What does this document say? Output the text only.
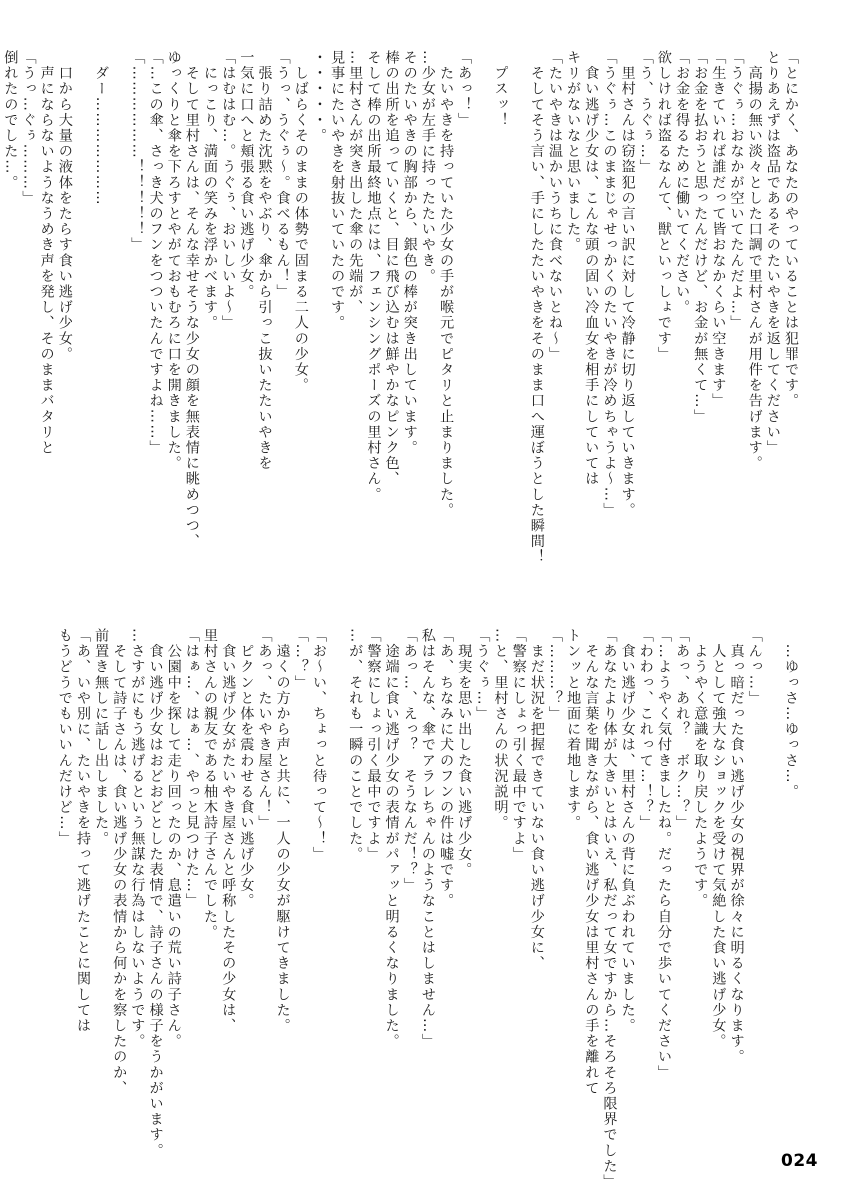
「とにかく、あなたのやっていることは犯罪です。
とりあえずは盗品であるそのたいやきを返してください」
　高揚の無い淡々とした口調で里村さんが用件を告げます。
「うぐぅ…おなかが空いてたんだよ…」
「生きていれば誰だって皆おなかくらい空きます」
「お金を払おうと思ったんだけど、お金が無くて…」
「お金を得るために働いてください。
欲しければ盗るなんて、獣といっしょです」
「う、うぐぅ…」
　里村さんは窃盗犯の言い訳に対して冷静に切り返していきます。
「うぐぅ…このままじゃせっかくのたいやきが冷めちゃうよ～…」
　食い逃げ少女は、こんな頭の固い冷血女を相手にしていては
キリがないなと思いました。
「たいやきは温かいうちに食べないとね～」
　そしてそう言い、手にしたたいやきをそのまま口へ運ぼうとした瞬間！
　プスッ！
「あっ！」
　たいやきを持っていた少女の手が喉元でピタリと止まりました。
…少女が左手に持ったたいやき。
そのたいやきの胸部から、銀色の棒が突き出しています。
棒の出所を追っていくと、目に飛び込むは鮮やかなピンク色、
そして棒の出所最終地点には、フェンシングポーズの里村さん。
…里村さんが突き出した傘の先端が、
見事にたいやきを射抜いていたのです。
・・・・・。
　しばらくそのままの体勢で固まる二人の少女。
「うっ、うぐぅ～。食べるもん！」
　張り詰めた沈黙をやぶり、傘から引っこ抜いたたいやきを
一気に口へと頬張る食い逃げ少女。
「はむはむ…。うぐぅ、おいしいよ～」
　にっこり、満面の笑みを浮かべます。
　そして里村さんは、そんな幸せそうな少女の顔を無表情に眺めつつ、
ゆっくりと傘を下ろすとやがておもむろに口を開きました。
「…この傘、さっき犬のフンをつついたんですよね……」
「………………！！！！！」
　ダー…………………
　口から大量の液体をたらす食い逃げ少女。
　声にならないようなうめき声を発し、そのままバタリと
「うっ…ぐぅ………」
倒れたのでした…。
　…ゆっさ…ゆっさ…。
「んっ…」
　真っ暗だった食い逃げ少女の視界が徐々に明るくなります。
　人として強大なショックを受けて気絶した食い逃げ少女。
　ようやく意識を取り戻したようです。
「あっ、あれ？　ボク…？」
「…ようやく気付きましたね。だったら自分で歩いてください」
「わわっ、これって…！？」
　食い逃げ少女は、里村さんの背に負ぶわれていました。
「あなたより体が大きいとはいえ、私だって女ですから…そろそろ限界でした」
　そんな言葉を聞きながら、食い逃げ少女は里村さんの手を離れて
トンッと地面に着地します。
「………？」
　まだ状況を把握できていない食い逃げ少女に、
「警察にしょっ引く最中ですよ」
…と、里村さんの状況説明。
「うぐぅ…」
　現実を思い出した食い逃げ少女。
「あ、ちなみに犬のフンの件は嘘です。
私はそんな、傘でアラレちゃんのようなことはしません…」
「あっ…、えっ？　そうなんだ！？」
　途端に食い逃げ少女の表情がパァッと明るくなりました。
「警察にしょっ引く最中ですよ」
…が、それも一瞬のことでした。
「お～い、ちょっと待って～！」
「…？」
　遠くの方から声と共に、一人の少女が駆けてきました。
「あっ、たいやき屋さん！」
　ピクンと体を震わせる食い逃げ少女。
　食い逃げ少女がたいやき屋さんと呼称したその少女は、
里村さんの親友である柚木詩子さんでした。
「はぁ…、はぁ…、やっと見つけた…」
　公園中を探して走り回ったのか、息遣いの荒い詩子さん。
　食い逃げ少女はおどおどとした表情で、詩子さんの様子をうかがいます。
…さすがにもう逃げるという無謀な行為はしないようです。
　そして詩子さんは、食い逃げ少女の表情から何かを察したのか、
前置き無しに話し出しました。
「あ、いや別に、たいやきを持って逃げたことに関しては
もうどうでもいいんだけど…」
024
